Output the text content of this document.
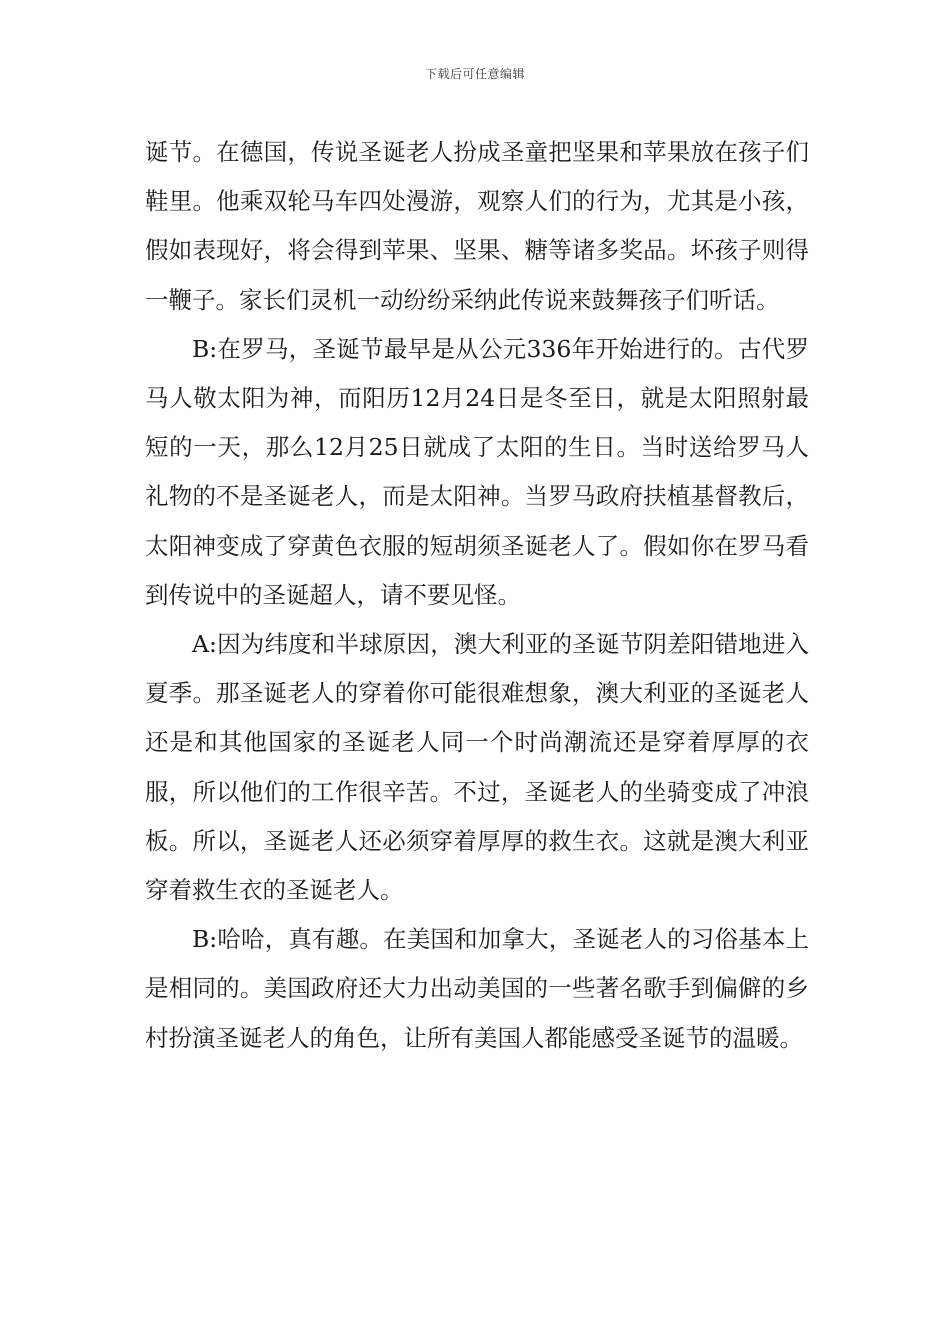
下载后可任意编辑

诞节。在德国，传说圣诞老人扮成圣童把坚果和苹果放在孩子们鞋里。他乘双轮马车四处漫游，观察人们的行为，尤其是小孩，假如表现好，将会得到苹果、坚果、糖等诸多奖品。坏孩子则得一鞭子。家长们灵机一动纷纷采纳此传说来鼓舞孩子们听话。

B:在罗马，圣诞节最早是从公元336年开始进行的。古代罗马人敬太阳为神，而阳历12月24日是冬至日，就是太阳照射最短的一天，那么12月25日就成了太阳的生日。当时送给罗马人礼物的不是圣诞老人，而是太阳神。当罗马政府扶植基督教后，太阳神变成了穿黄色衣服的短胡须圣诞老人了。假如你在罗马看到传说中的圣诞超人，请不要见怪。

A:因为纬度和半球原因，澳大利亚的圣诞节阴差阳错地进入夏季。那圣诞老人的穿着你可能很难想象，澳大利亚的圣诞老人还是和其他国家的圣诞老人同一个时尚潮流还是穿着厚厚的衣服，所以他们的工作很辛苦。不过，圣诞老人的坐骑变成了冲浪板。所以，圣诞老人还必须穿着厚厚的救生衣。这就是澳大利亚穿着救生衣的圣诞老人。

B:哈哈，真有趣。在美国和加拿大，圣诞老人的习俗基本上是相同的。美国政府还大力出动美国的一些著名歌手到偏僻的乡村扮演圣诞老人的角色，让所有美国人都能感受圣诞节的温暖。
